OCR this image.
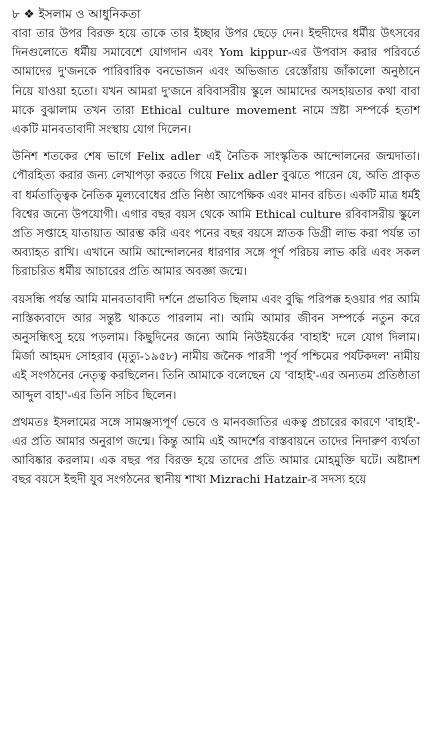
৮ ❖ ইসলাম ও আধুনিকতা

বাবা তার উপর বিরক্ত হয়ে তাকে তার ইচ্ছার উপর ছেড়ে দেন। ইহুদীদের ধর্মীয় উৎসবের দিনগুলোতে ধর্মীয় সমাবেশে যোগদান এবং Yom kippur-এর উপবাস করার পরিবর্তে আমাদের দু'জনকে পারিবারিক বনভোজন এবং অভিজাত রেস্তোঁরায় জাঁকালো অনুষ্ঠানে নিয়ে যাওয়া হতো। যখন আমরা দু'জনে রবিবাসরীয় স্কুলে আমাদের অসহায়তার কথা বাবা মাকে বুঝালাম তখন তারা Ethical culture movement নামে স্রষ্টা সম্পর্কে হতাশ একটি মানবতাবাদী সংস্থায় যোগ দিলেন।

উনিশ শতকের শেষ ভাগে Felix adler এই নৈতিক সাংস্কৃতিক আন্দোলনের জন্মদাতা। পৌরহিত্য করার জন্য লেখাপড়া করতে গিয়ে Felix adler বুঝতে পারেন যে, অতি প্রাকৃত বা ধর্মতাত্ত্বিক নৈতিক মূল্যবোধের প্রতি নিষ্ঠা আপেক্ষিক এবং মানব রচিত। একটি মাত্র ধর্মই বিশ্বের জন্যে উপযোগী। এগার বছর বয়স থেকে আমি Ethical culture রবিবাসরীয় স্কুলে প্রতি সপ্তাহে যাতায়াত আরম্ভ করি এবং পনের বছর বয়সে স্নাতক ডিগ্রী লাভ করা পর্যন্ত তা অব্যাহত রাখি। এখানে আমি আন্দোলনের ধারণার সঙ্গে পূর্ণ পরিচয় লাভ করি এবং সকল চিরাচরিত ধর্মীয় আচারের প্রতি আমার অবজ্ঞা জন্মে।

বয়সন্ধি পর্যন্ত আমি মানবতাবাদী দর্শনে প্রভাবিত ছিলাম এবং বুদ্ধি পরিপক্ক হওয়ার পর আমি নাস্তিক্যবাদে আর সন্তুষ্ট থাকতে পারলাম না। আমি আমার জীবন সম্পর্কে নতুন করে অনুসন্ধিৎসু হয়ে পড়লাম। কিছুদিনের জন্যে আমি নিউইয়র্কের 'বাহাই' দলে যোগ দিলাম। মির্জা আহমদ সোহরাব (মৃত্যু-১৯৫৮) নামীয় জনৈক পারসী 'পূর্ব পশ্চিমের পর্যটকদল' নামীয় এই সংগঠনের নেতৃত্ব করছিলেন। তিনি আমাকে বলেছেন যে 'বাহাই'-এর অন্যতম প্রতিষ্ঠাতা আব্দুল বাহা'-এর তিনি সচিব ছিলেন।

প্রথমতঃ ইসলামের সঙ্গে সামঞ্জস্যপূর্ণ ভেবে ও মানবজাতির একত্ব প্রচারের কারণে 'বাহাই'-এর প্রতি আমার অনুরাগ জন্মে। কিন্তু আমি এই আদর্শের বাস্তবায়নে তাদের নিদারুণ ব্যর্থতা আবিষ্কার করলাম। এক বছর পর বিরক্ত হয়ে তাদের প্রতি আমার মোহমুক্তি ঘটে। অষ্টাদশ বছর বয়সে ইহুদী যুব সংগঠনের স্থানীয় শাখা Mizrachi Hatzair-র সদস্য হয়ে
